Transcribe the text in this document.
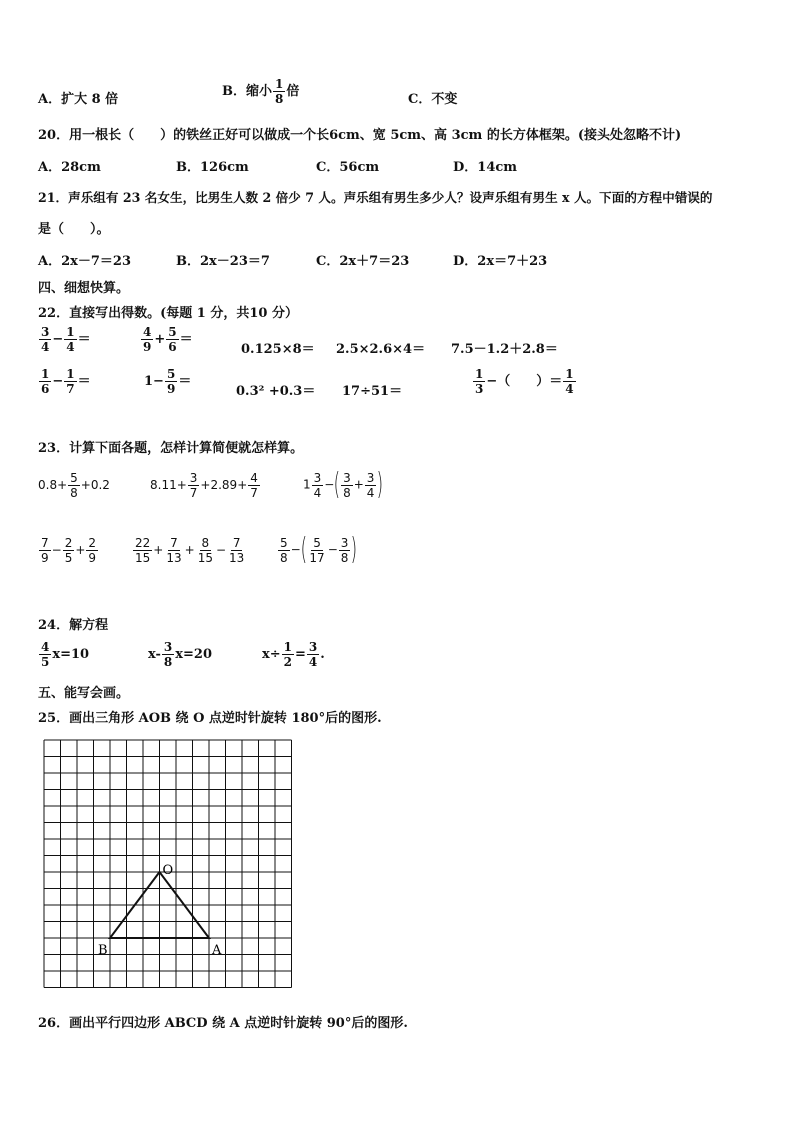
A．扩大 8 倍
B．缩小 $\frac{1}{8}$ 倍
C．不变
20．用一根长（　　）的铁丝正好可以做成一个长6cm、宽 5cm、高 3cm 的长方体框架。(接头处忽略不计)
A．28cm	B．126cm	C．56cm	D．14cm
21．声乐组有 23 名女生，比男生人数 2 倍少 7 人。声乐组有男生多少人？设声乐组有男生 x 人。下面的方程中错误的
是（　　）。
A．2x－7＝23	B．2x－23＝7	C．2x＋7＝23	D．2x＝7＋23
四、细想快算。
22．直接写出得数。(每题 1 分，共10 分）
$\frac{3}{4} - \frac{1}{4}$ ＝	$\frac{4}{9} + \frac{5}{6}$ ＝
0.125×8＝ 2.5×2.6×4＝ 7.5－1.2＋2.8＝
$\frac{1}{6} - \frac{1}{7}$ ＝	$1- \frac{5}{9}$ ＝
0.3² +0.3＝ 17÷51＝	$\frac{1}{3}$ −（　　）＝ $\frac{1}{4}$
23．计算下面各题，怎样计算简便就怎样算。
$0.8+ \frac{5}{8} +0.2$	$8.11+ \frac{3}{7} +2.89+ \frac{4}{7}$	$1 \frac{3}{4}$ −( $\frac{3}{8} + \frac{3}{4}$ )
$\frac{7}{9} - \frac{2}{5} + \frac{2}{9}$	$\frac{22}{15} + \frac{7}{13} + \frac{8}{15} - \frac{7}{13}$	$\frac{5}{8}$ −( $\frac{5}{17} - \frac{3}{8}$ )
24．解方程
$\frac{4}{5} x=10$	$x- \frac{3}{8} x=20$	$x\div \frac{1}{2} = \frac{3}{4}$ .
五、能写会画。
25．画出三角形 AOB 绕 O 点逆时针旋转 180°后的图形.
O
A
B
26．画出平行四边形 ABCD 绕 A 点逆时针旋转 90°后的图形.
